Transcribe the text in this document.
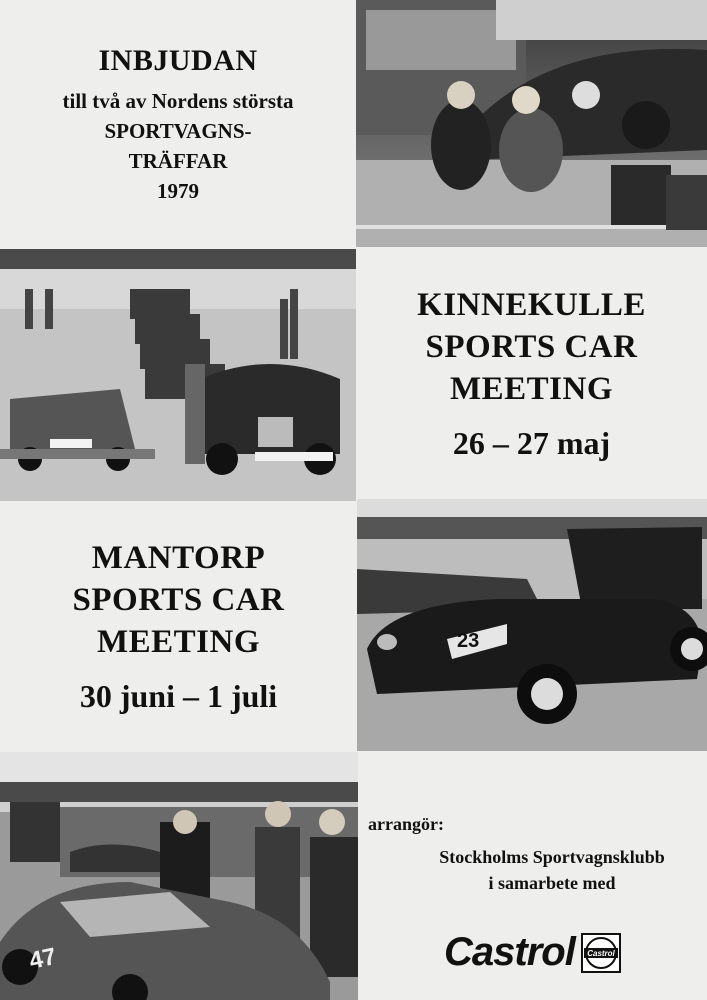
INBJUDAN
till två av Nordens största
SPORTVAGNS-
TRÄFFAR
1979
KINNEKULLE
SPORTS CAR
MEETING
26 – 27 maj
MANTORP
SPORTS CAR
MEETING
30 juni – 1 juli
23
47
arrangör:
Stockholms Sportvagnsklubb
i samarbete med
Castrol Castrol
